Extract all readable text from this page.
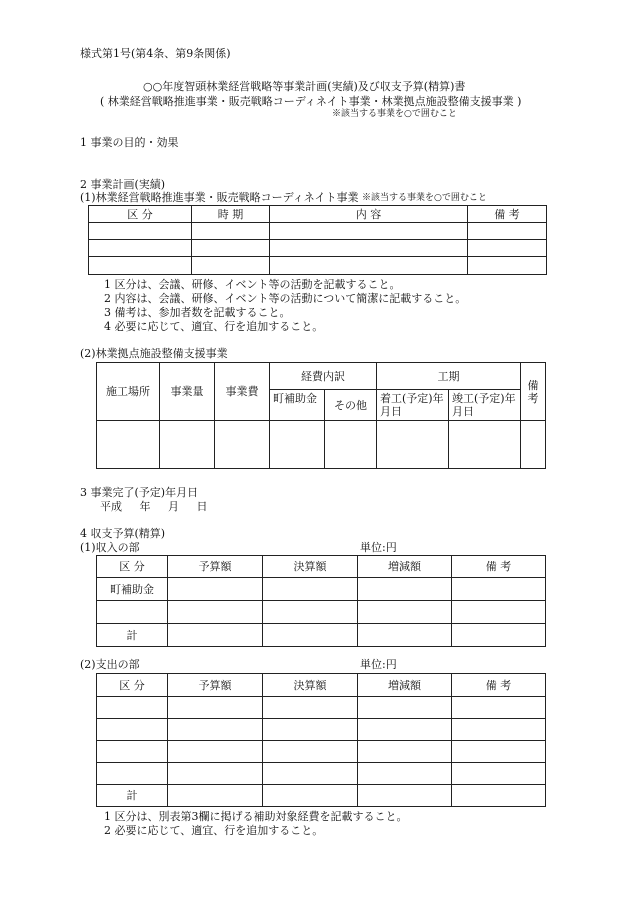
様式第1号(第4条、第9条関係)
○○年度智頭林業経営戦略等事業計画(実績)及び収支予算(精算)書
( 林業経営戦略推進事業・販売戦略コーディネイト事業・林業拠点施設整備支援事業 )
※該当する事業を○で囲むこと
1 事業の目的・効果
2 事業計画(実績)
(1)林業経営戦略推進事業・販売戦略コーディネイト事業 ※該当する事業を○で囲むこと
区 分	時 期	内 容	備 考

1 区分は、会議、研修、イベント等の活動を記載すること。
2 内容は、会議、研修、イベント等の活動について簡潔に記載すること。
3 備考は、参加者数を記載すること。
4 必要に応じて、適宜、行を追加すること。
(2)林業拠点施設整備支援事業
施工場所	事業量	事業費	経費内訳		工期		備考
			町補助金	その他	着工(予定)年月日	竣工(予定)年月日	

3 事業完了(予定)年月日
平成 年 月 日
4 収支予算(精算)
(1)収入の部	単位:円
区 分	予算額	決算額	増減額	備 考
町補助金				

計				
(2)支出の部	単位:円
区 分	予算額	決算額	増減額	備 考

計				
1 区分は、別表第3欄に掲げる補助対象経費を記載すること。
2 必要に応じて、適宜、行を追加すること。
